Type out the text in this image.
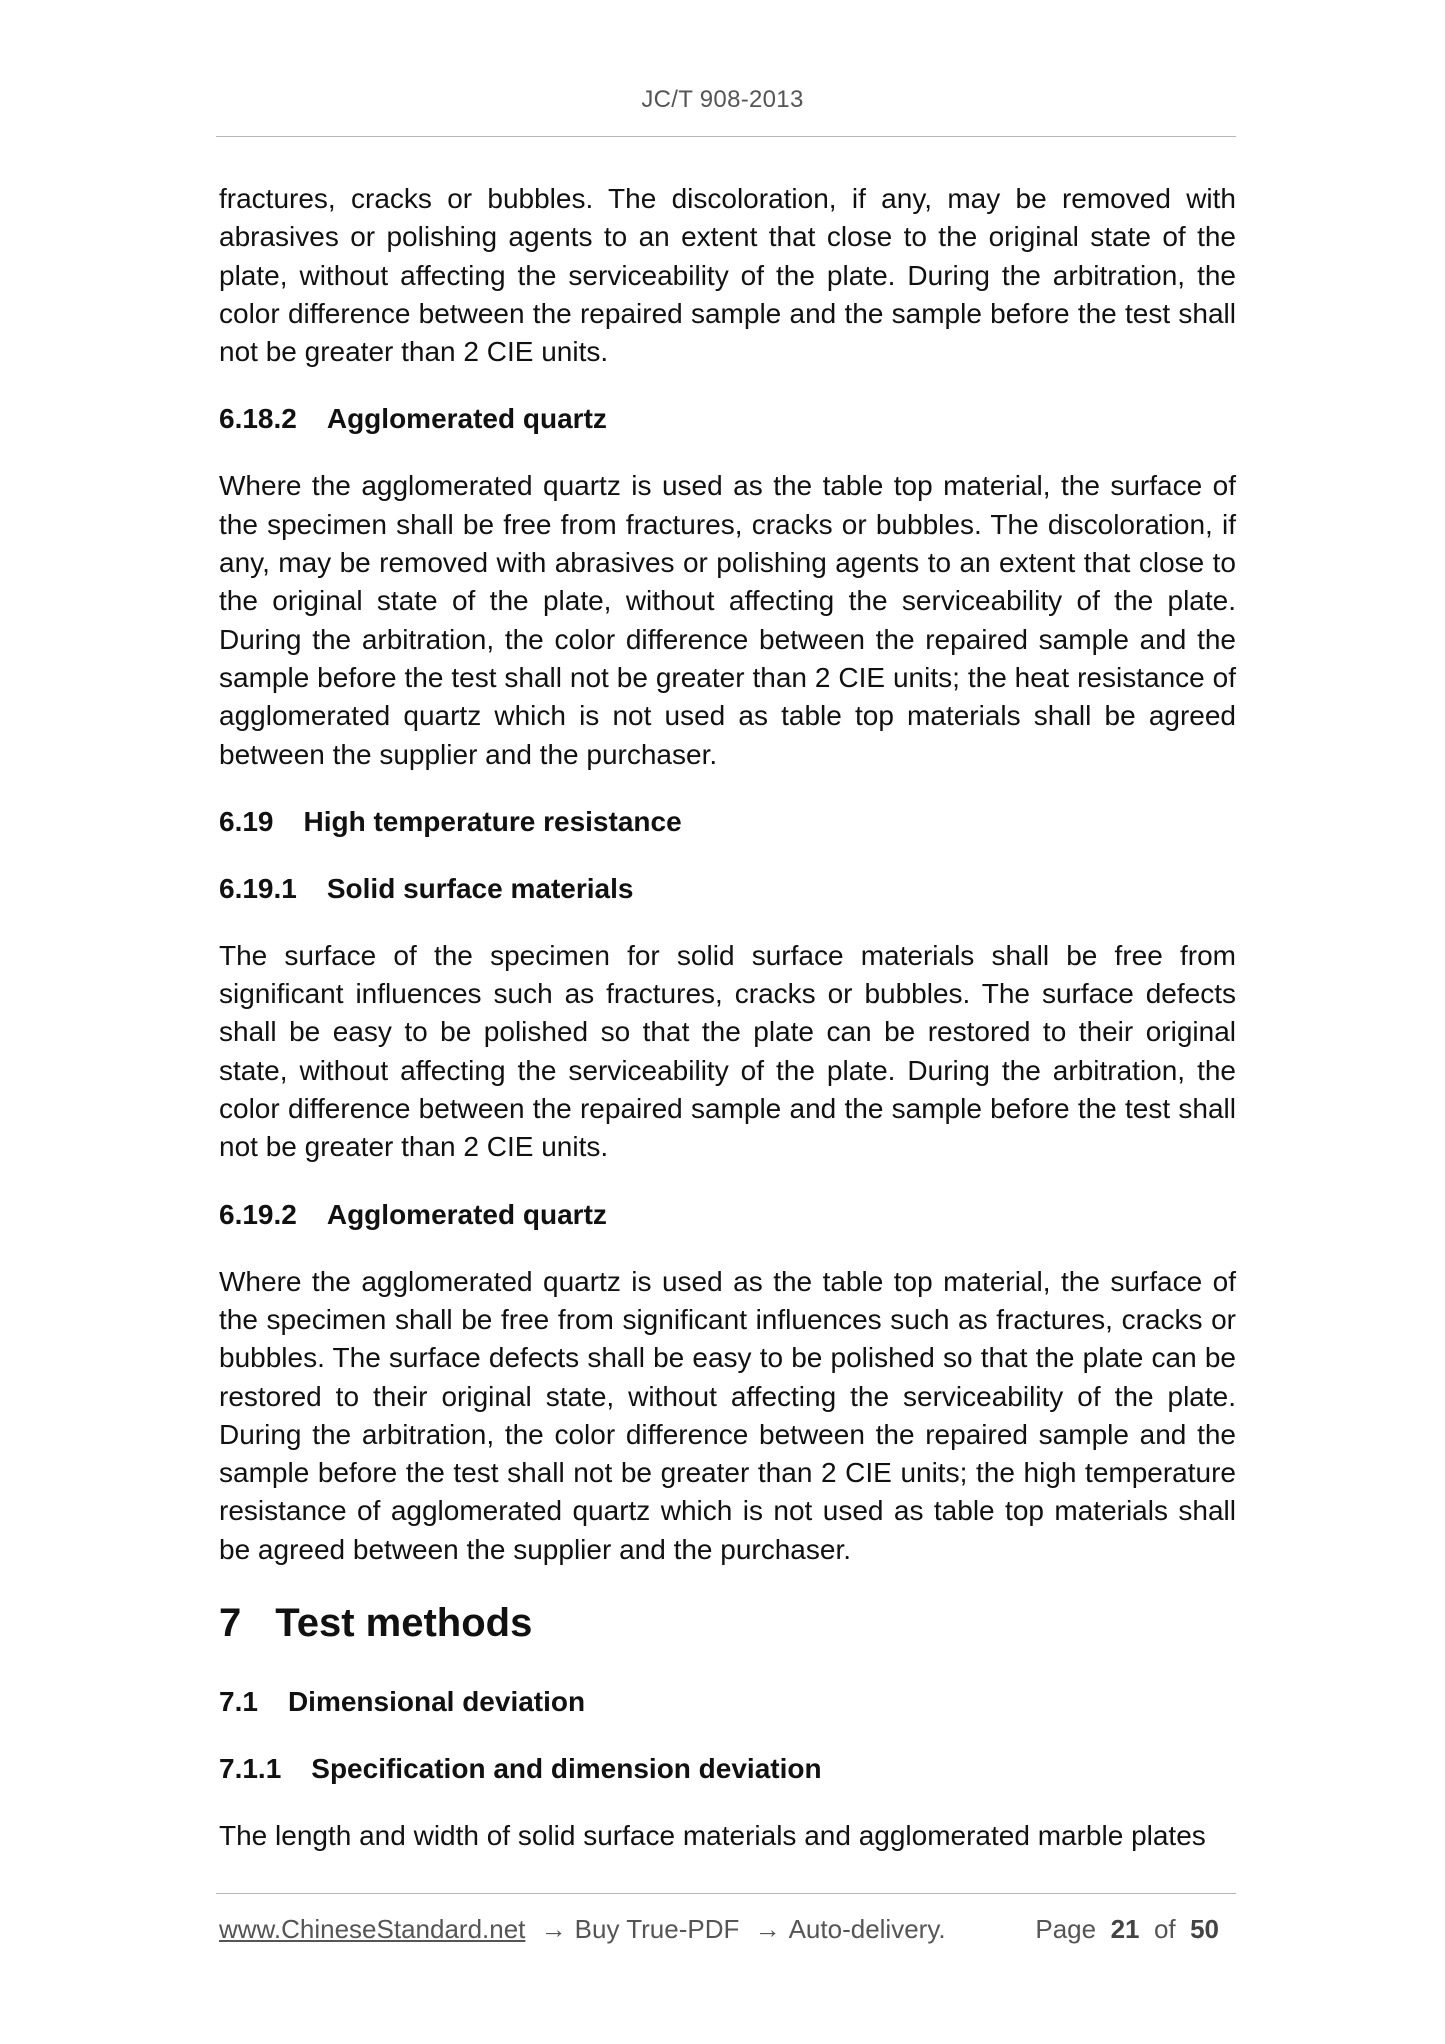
JC/T 908-2013

fractures, cracks or bubbles. The discoloration, if any, may be removed with abrasives or polishing agents to an extent that close to the original state of the plate, without affecting the serviceability of the plate. During the arbitration, the color difference between the repaired sample and the sample before the test shall not be greater than 2 CIE units.

6.18.2 Agglomerated quartz

Where the agglomerated quartz is used as the table top material, the surface of the specimen shall be free from fractures, cracks or bubbles. The discoloration, if any, may be removed with abrasives or polishing agents to an extent that close to the original state of the plate, without affecting the serviceability of the plate. During the arbitration, the color difference between the repaired sample and the sample before the test shall not be greater than 2 CIE units; the heat resistance of agglomerated quartz which is not used as table top materials shall be agreed between the supplier and the purchaser.

6.19 High temperature resistance
6.19.1 Solid surface materials

The surface of the specimen for solid surface materials shall be free from significant influences such as fractures, cracks or bubbles. The surface defects shall be easy to be polished so that the plate can be restored to their original state, without affecting the serviceability of the plate. During the arbitration, the color difference between the repaired sample and the sample before the test shall not be greater than 2 CIE units.

6.19.2 Agglomerated quartz

Where the agglomerated quartz is used as the table top material, the surface of the specimen shall be free from significant influences such as fractures, cracks or bubbles. The surface defects shall be easy to be polished so that the plate can be restored to their original state, without affecting the serviceability of the plate. During the arbitration, the color difference between the repaired sample and the sample before the test shall not be greater than 2 CIE units; the high temperature resistance of agglomerated quartz which is not used as table top materials shall be agreed between the supplier and the purchaser.

7 Test methods
7.1 Dimensional deviation
7.1.1 Specification and dimension deviation

The length and width of solid surface materials and agglomerated marble plates

www.ChineseStandard.net → Buy True-PDF → Auto-delivery.	Page 21 of 50
